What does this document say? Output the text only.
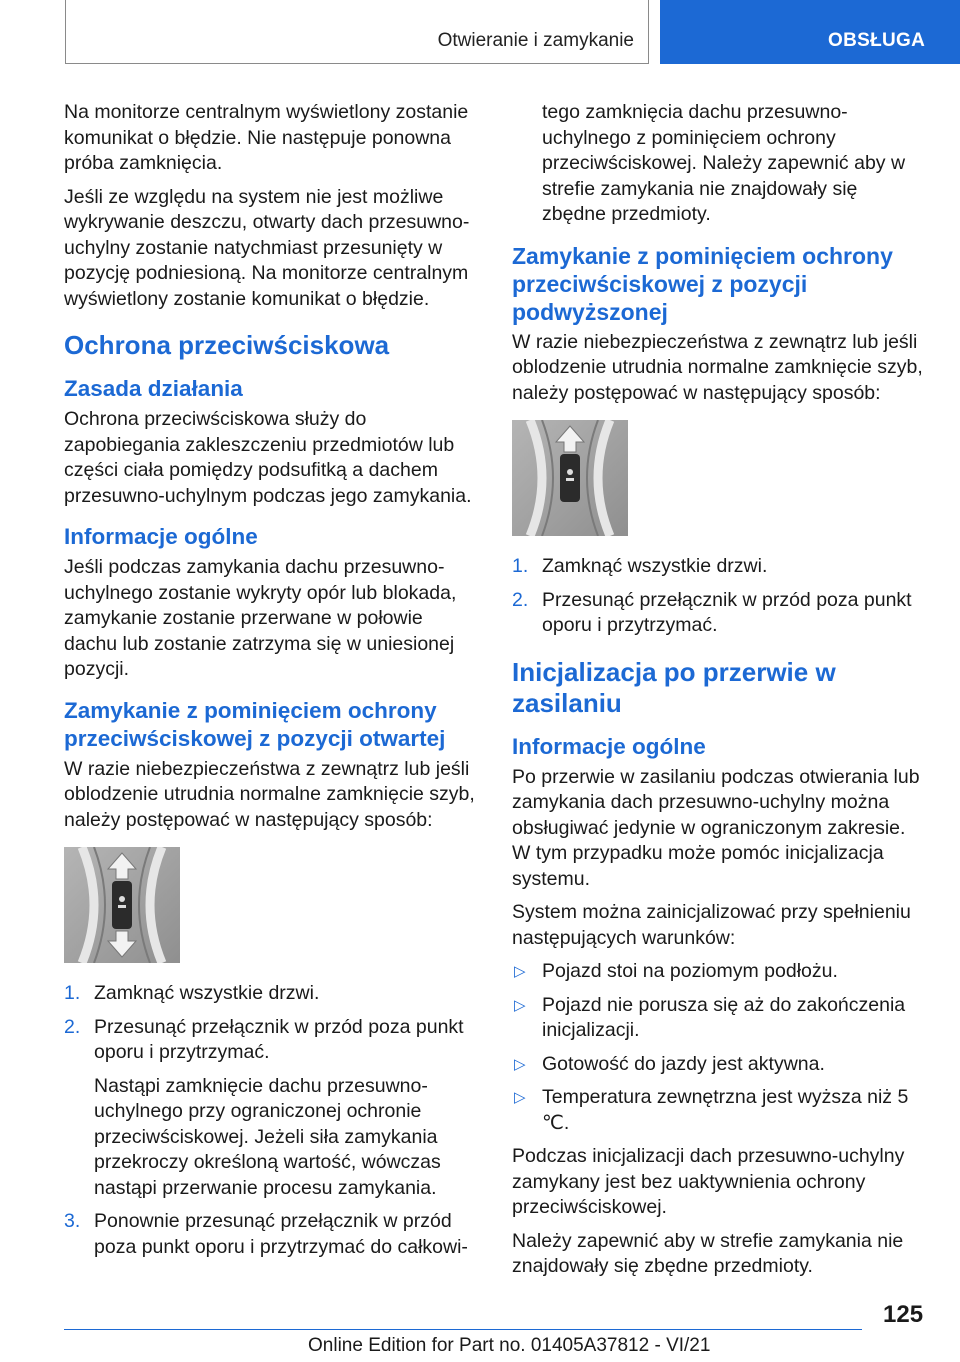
Otwieranie i zamykanie	OBSŁUGA

Na monitorze centralnym wyświetlony zostanie komunikat o błędzie. Nie następuje ponowna próba zamknięcia.

Jeśli ze względu na system nie jest możliwe wykrywanie deszczu, otwarty dach przesuwno-uchylny zostanie natychmiast przesunięty w pozycję podniesioną. Na monitorze centralnym wyświetlony zostanie komunikat o błędzie.

Ochrona przeciwściskowa
Zasada działania

Ochrona przeciwściskowa służy do zapobiegania zakleszczeniu przedmiotów lub części ciała pomiędzy podsufitką a dachem przesuwno-uchylnym podczas jego zamykania.

Informacje ogólne

Jeśli podczas zamykania dachu przesuwno-uchylnego zostanie wykryty opór lub blokada, zamykanie zostanie przerwane w połowie dachu lub zostanie zatrzyma się w uniesionej pozycji.

Zamykanie z pominięciem ochrony przeciwściskowej z pozycji otwartej

W razie niebezpieczeństwa z zewnątrz lub jeśli oblodzenie utrudnia normalne zamknięcie szyb, należy postępować w następujący sposób:

1. Zamknąć wszystkie drzwi.
2. Przesunąć przełącznik w przód poza punkt oporu i przytrzymać.
Nastąpi zamknięcie dachu przesuwno-uchylnego przy ograniczonej ochronie przeciwściskowej. Jeżeli siła zamykania przekroczy określoną wartość, wówczas nastąpi przerwanie procesu zamykania.
3. Ponownie przesunąć przełącznik w przód poza punkt oporu i przytrzymać do całkowi-

tego zamknięcia dachu przesuwno-uchylnego z pominięciem ochrony przeciwściskowej. Należy zapewnić aby w strefie zamykania nie znajdowały się zbędne przedmioty.

Zamykanie z pominięciem ochrony przeciwściskowej z pozycji podwyższonej

W razie niebezpieczeństwa z zewnątrz lub jeśli oblodzenie utrudnia normalne zamknięcie szyb, należy postępować w następujący sposób:

1. Zamknąć wszystkie drzwi.
2. Przesunąć przełącznik w przód poza punkt oporu i przytrzymać.
Inicjalizacja po przerwie w zasilaniu
Informacje ogólne

Po przerwie w zasilaniu podczas otwierania lub zamykania dach przesuwno-uchylny można obsługiwać jedynie w ograniczonym zakresie.

W tym przypadku może pomóc inicjalizacja systemu.

System można zainicjalizować przy spełnieniu następujących warunków:

▷ Pojazd stoi na poziomym podłożu.
▷ Pojazd nie porusza się aż do zakończenia inicjalizacji.
▷ Gotowość do jazdy jest aktywna.
▷ Temperatura zewnętrzna jest wyższa niż 5 ℃.

Podczas inicjalizacji dach przesuwno-uchylny zamykany jest bez uaktywnienia ochrony przeciwściskowej.

Należy zapewnić aby w strefie zamykania nie znajdowały się zbędne przedmioty.

125
Online Edition for Part no. 01405A37812 - VI/21
